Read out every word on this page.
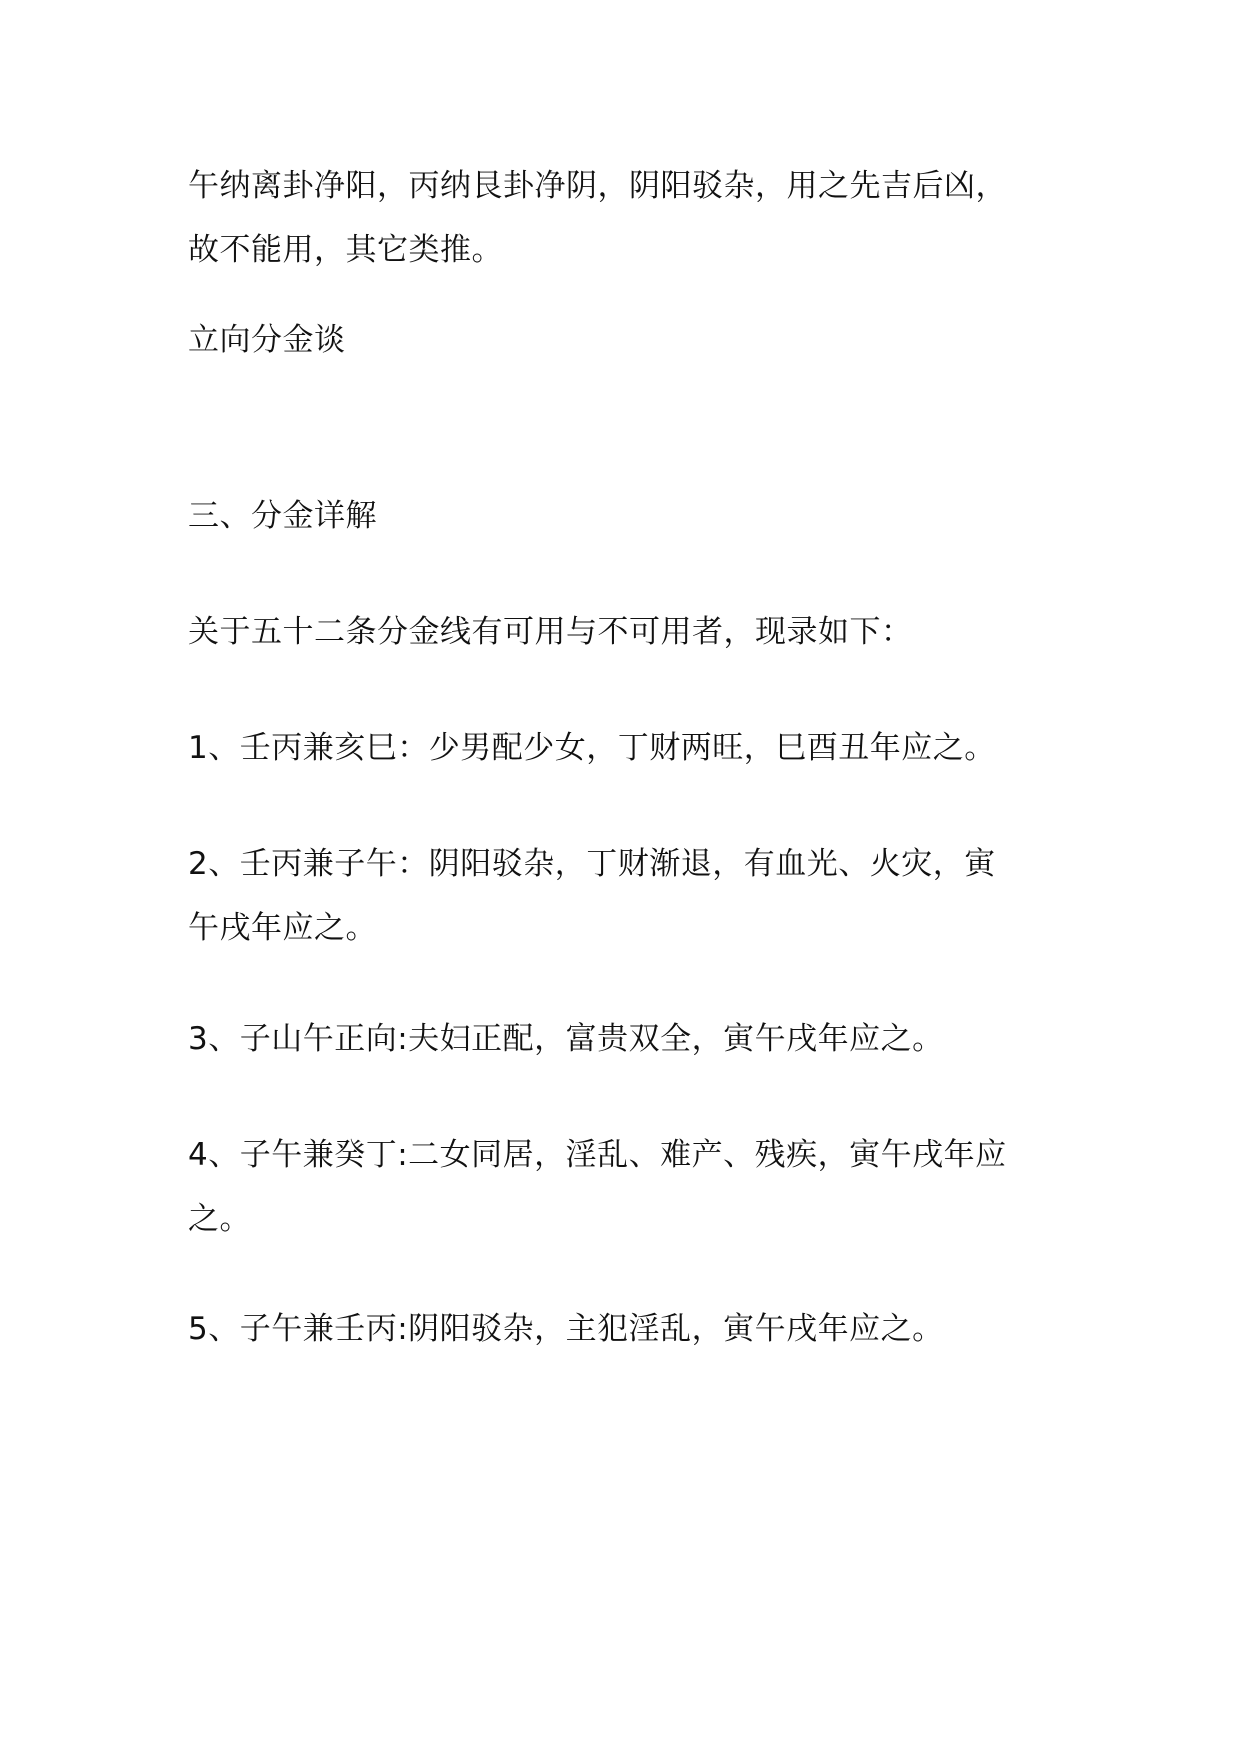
午纳离卦净阳，丙纳艮卦净阴，阴阳驳杂，用之先吉后凶，
故不能用，其它类推。

立向分金谈

三、分金详解

关于五十二条分金线有可用与不可用者，现录如下：

1、壬丙兼亥巳：少男配少女，丁财两旺，巳酉丑年应之。

2、壬丙兼子午：阴阳驳杂，丁财渐退，有血光、火灾，寅
午戌年应之。

3、子山午正向:夫妇正配，富贵双全，寅午戌年应之。

4、子午兼癸丁:二女同居，淫乱、难产、残疾，寅午戌年应
之。

5、子午兼壬丙:阴阳驳杂，主犯淫乱，寅午戌年应之。
